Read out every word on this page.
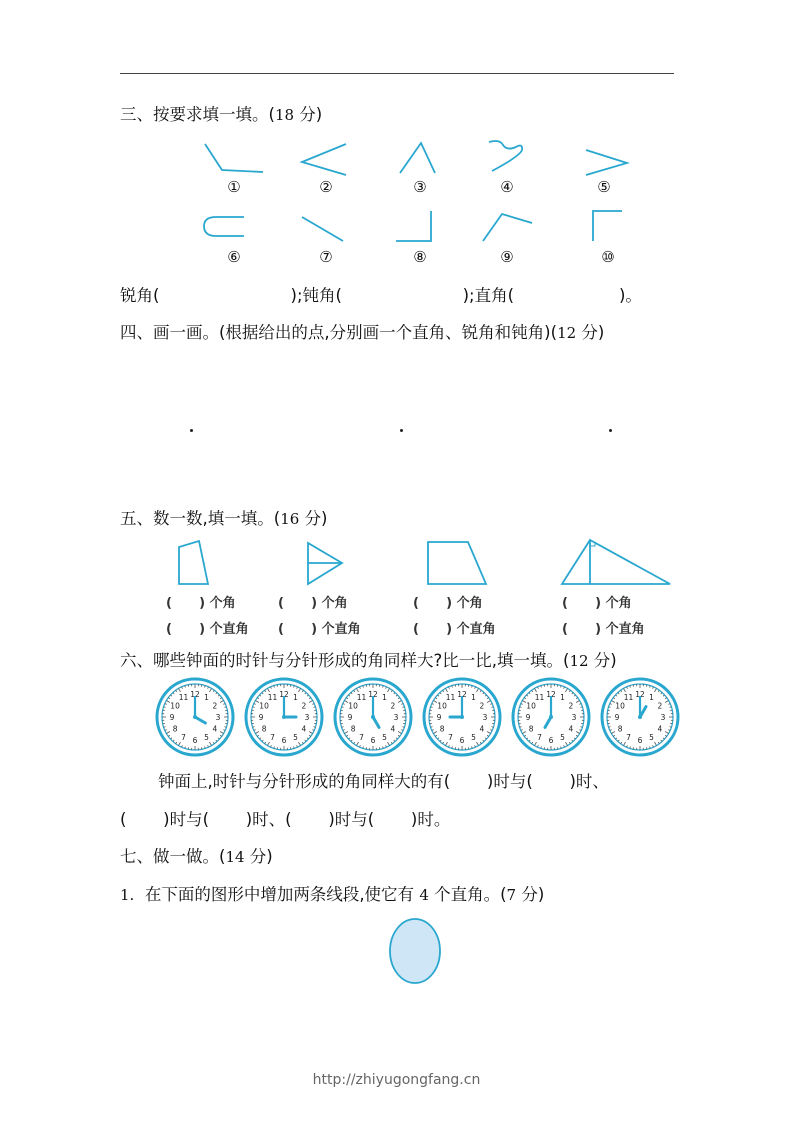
三、按要求填一填。(18 分)
①	②	③	④	⑤
⑥	⑦	⑧	⑨	⑩
锐角(                         );钝角(                       );直角(                    )。
四、画一画。(根据给出的点,分别画一个直角、锐角和钝角)(12 分)
五、数一数,填一填。(16 分)
(      ) 个角
(      ) 个直角
(      ) 个角
(      ) 个直角
(      ) 个角
(      ) 个直角
(      ) 个角
(      ) 个直角
六、哪些钟面的时针与分针形成的角同样大?比一比,填一填。(12 分)
1
2
3
4
5
6
7
8
9
10
11 12	1
2
3
4
5
6
7
8
9
10
11 12	1
2
3
4
5
6
7
8
9
10
11 12	1
2
3
4
5
6
7
8
9
10
11 12	1
2
3
4
5
6
7
8
9
10
11 12	1
2
3
4
5
6
7
8
9
10
11 12
钟面上,时针与分针形成的角同样大的有(       )时与(       )时、
(       )时与(       )时、(       )时与(       )时。
七、做一做。(14 分)
1. 在下面的图形中增加两条线段,使它有 4 个直角。(7 分)
http://zhiyugongfang.cn
